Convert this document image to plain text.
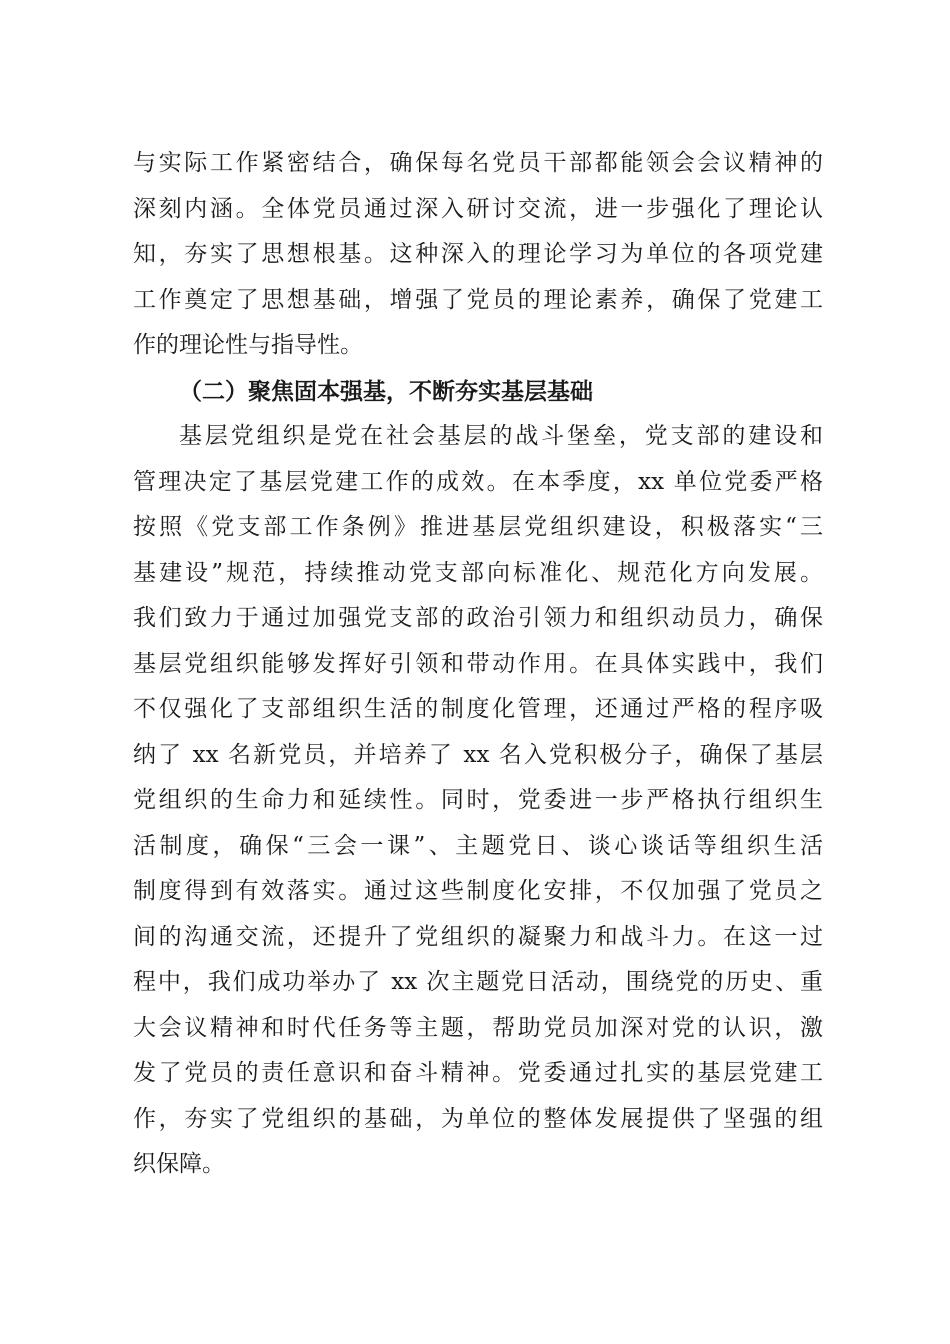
与实际工作紧密结合，确保每名党员干部都能领会会议精神的
深刻内涵。全体党员通过深入研讨交流，进一步强化了理论认
知，夯实了思想根基。这种深入的理论学习为单位的各项党建
工作奠定了思想基础，增强了党员的理论素养，确保了党建工
作的理论性与指导性。
（二）聚焦固本强基，不断夯实基层基础
基层党组织是党在社会基层的战斗堡垒，党支部的建设和
管理决定了基层党建工作的成效。在本季度，xx 单位党委严格
按照《党支部工作条例》推进基层党组织建设，积极落实“三
基建设”规范，持续推动党支部向标准化、规范化方向发展。
我们致力于通过加强党支部的政治引领力和组织动员力，确保
基层党组织能够发挥好引领和带动作用。在具体实践中，我们
不仅强化了支部组织生活的制度化管理，还通过严格的程序吸
纳了 xx 名新党员，并培养了 xx 名入党积极分子，确保了基层
党组织的生命力和延续性。同时，党委进一步严格执行组织生
活制度，确保“三会一课”、主题党日、谈心谈话等组织生活
制度得到有效落实。通过这些制度化安排，不仅加强了党员之
间的沟通交流，还提升了党组织的凝聚力和战斗力。在这一过
程中，我们成功举办了 xx 次主题党日活动，围绕党的历史、重
大会议精神和时代任务等主题，帮助党员加深对党的认识，激
发了党员的责任意识和奋斗精神。党委通过扎实的基层党建工
作，夯实了党组织的基础，为单位的整体发展提供了坚强的组
织保障。
